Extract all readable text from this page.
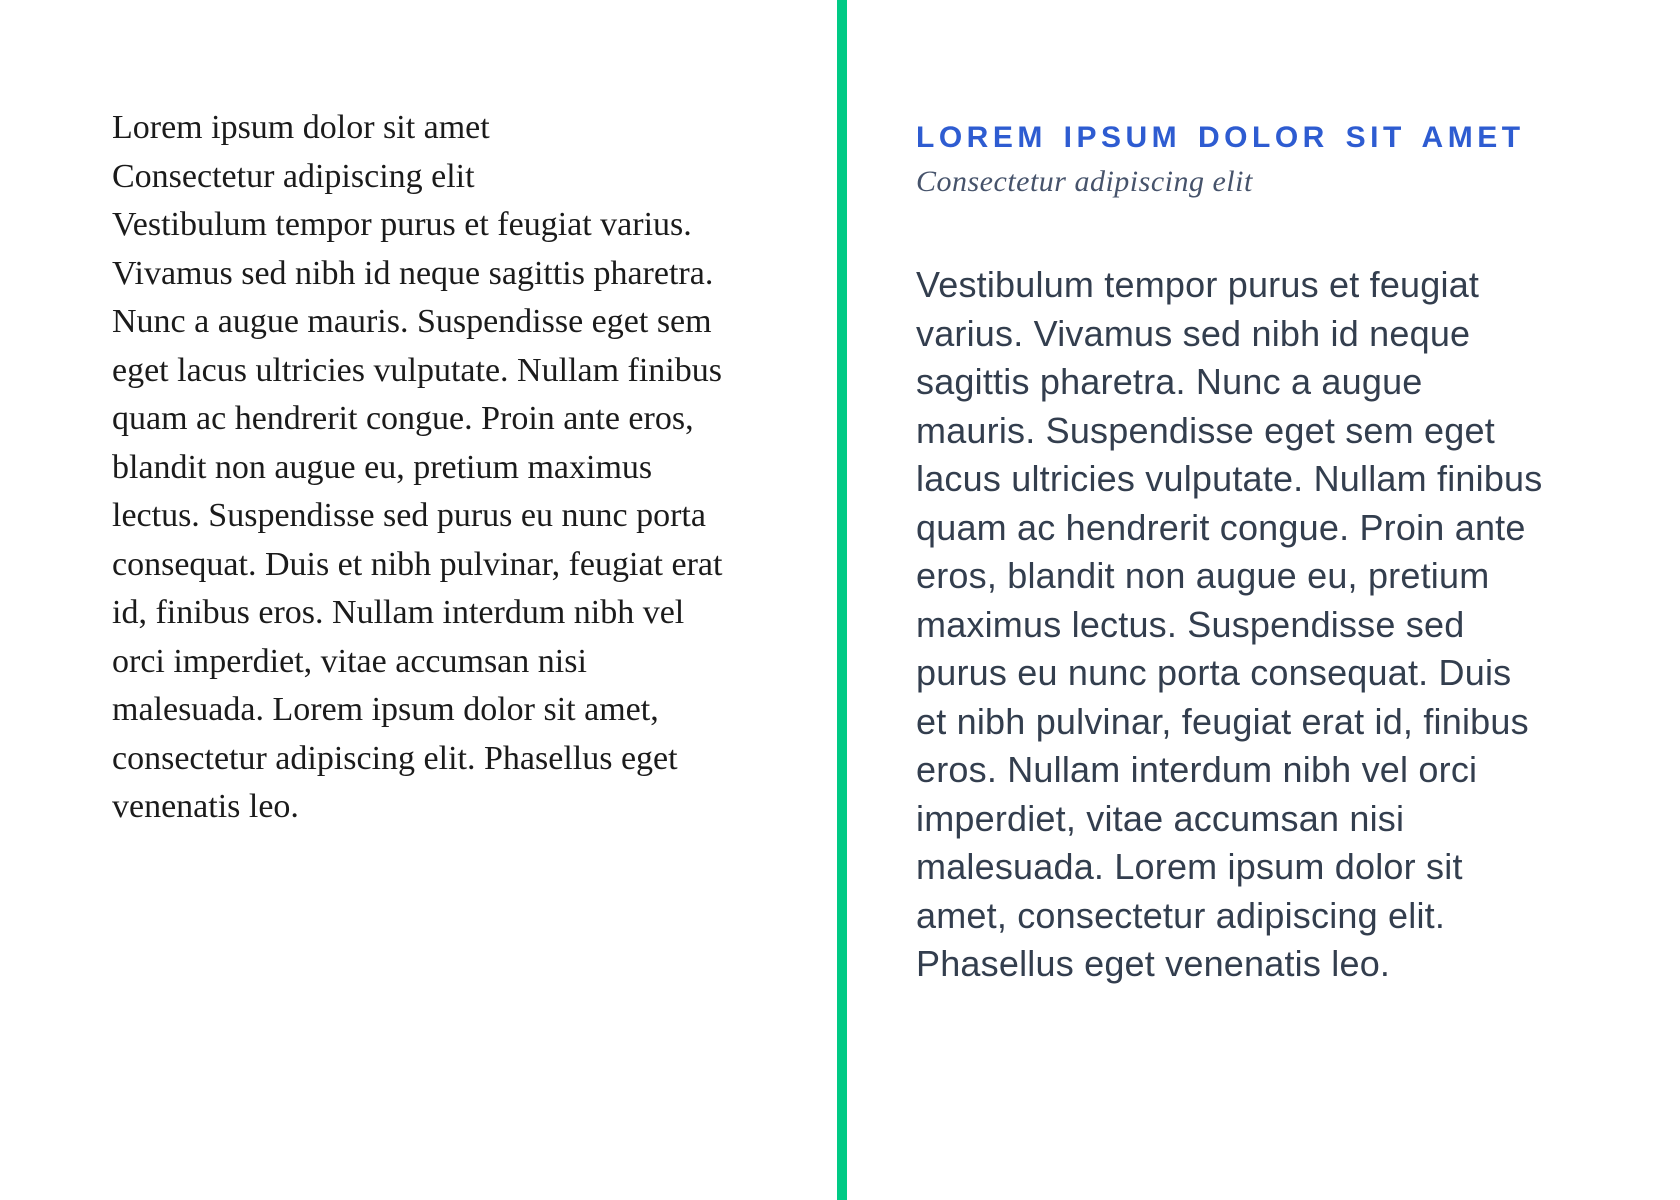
Lorem ipsum dolor sit amet
Consectetur adipiscing elit
Vestibulum tempor purus et feugiat varius. Vivamus sed nibh id neque sagittis pharetra. Nunc a augue mauris. Suspendisse eget sem eget lacus ultricies vulputate. Nullam finibus quam ac hendrerit congue. Proin ante eros, blandit non augue eu, pretium maximus lectus. Suspendisse sed purus eu nunc porta consequat. Duis et nibh pulvinar, feugiat erat id, finibus eros. Nullam interdum nibh vel orci imperdiet, vitae accumsan nisi malesuada. Lorem ipsum dolor sit amet, consectetur adipiscing elit. Phasellus eget venenatis leo.
LOREM IPSUM DOLOR SIT AMET
Consectetur adipiscing elit
Vestibulum tempor purus et feugiat varius. Vivamus sed nibh id neque sagittis pharetra. Nunc a augue mauris. Suspendisse eget sem eget lacus ultricies vulputate. Nullam finibus quam ac hendrerit congue. Proin ante eros, blandit non augue eu, pretium maximus lectus. Suspendisse sed purus eu nunc porta consequat. Duis et nibh pulvinar, feugiat erat id, finibus eros. Nullam interdum nibh vel orci imperdiet, vitae accumsan nisi malesuada. Lorem ipsum dolor sit amet, consectetur adipiscing elit. Phasellus eget venenatis leo.
